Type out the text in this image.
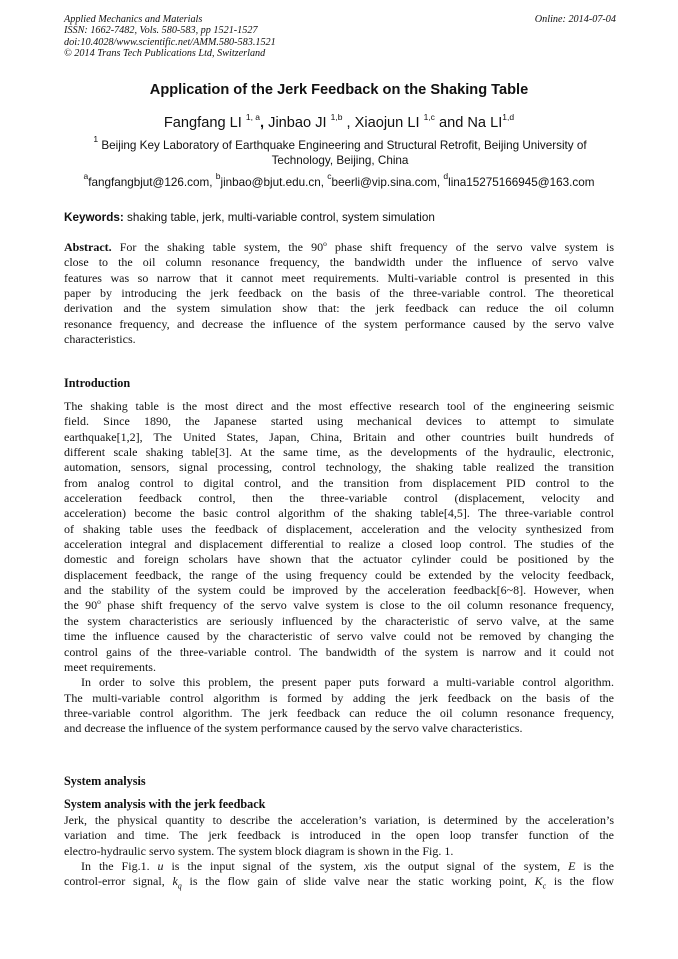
Applied Mechanics and Materials
ISSN: 1662-7482, Vols. 580-583, pp 1521-1527
doi:10.4028/www.scientific.net/AMM.580-583.1521
© 2014 Trans Tech Publications Ltd, Switzerland
Online: 2014-07-04
Application of the Jerk Feedback on the Shaking Table
Fangfang LI $^{1, a}$, Jinbao JI $^{1,b}$ , Xiaojun LI $^{1,c}$ and Na LI$^{1,d}$
$^1$ Beijing Key Laboratory of Earthquake Engineering and Structural Retrofit, Beijing University of
Technology, Beijing, China
$^a$fangfangbjut@126.com, $^b$jinbao@bjut.edu.cn, $^c$beerli@vip.sina.com, $^d$lina15275166945@163.com
Keywords: shaking table, jerk, multi-variable control, system simulation
Abstract. For the shaking table system, the 90$^o$ phase shift frequency of the servo valve system is
close to the oil column resonance frequency, the bandwidth under the influence of servo valve
features was so narrow that it cannot meet requirements. Multi-variable control is presented in this
paper by introducing the jerk feedback on the basis of the three-variable control. The theoretical
derivation and the system simulation show that: the jerk feedback can reduce the oil column
resonance frequency, and decrease the influence of the system performance caused by the servo valve
characteristics.
Introduction
The shaking table is the most direct and the most effective research tool of the engineering seismic
field. Since 1890, the Japanese started using mechanical devices to attempt to simulate
earthquake[1,2], The United States, Japan, China, Britain and other countries built hundreds of
different scale shaking table[3]. At the same time, as the developments of the hydraulic, electronic,
automation, sensors, signal processing, control technology, the shaking table realized the transition
from analog control to digital control, and the transition from displacement PID control to the
acceleration feedback control, then the three-variable control (displacement, velocity and
acceleration) become the basic control algorithm of the shaking table[4,5]. The three-variable control
of shaking table uses the feedback of displacement, acceleration and the velocity synthesized from
acceleration integral and displacement differential to realize a closed loop control. The studies of the
domestic and foreign scholars have shown that the actuator cylinder could be positioned by the
displacement feedback, the range of the using frequency could be extended by the velocity feedback,
and the stability of the system could be improved by the acceleration feedback[6~8]. However, when
the 90$^o$ phase shift frequency of the servo valve system is close to the oil column resonance frequency,
the system characteristics are seriously influenced by the characteristic of servo valve, at the same
time the influence caused by the characteristic of servo valve could not be removed by changing the
control gains of the three-variable control. The bandwidth of the system is narrow and it could not
meet requirements.
In order to solve this problem, the present paper puts forward a multi-variable control algorithm.
The multi-variable control algorithm is formed by adding the jerk feedback on the basis of the
three-variable control algorithm. The jerk feedback can reduce the oil column resonance frequency,
and decrease the influence of the system performance caused by the servo valve characteristics.
System analysis
System analysis with the jerk feedback
Jerk, the physical quantity to describe the acceleration’s variation, is determined by the acceleration’s
variation and time. The jerk feedback is introduced in the open loop transfer function of the
electro-hydraulic servo system. The system block diagram is shown in the Fig. 1.
In the Fig.1. u is the input signal of the system, xis the output signal of the system, E is the
control-error signal, $k_q$ is the flow gain of slide valve near the static working point, $K_c$ is the flow
